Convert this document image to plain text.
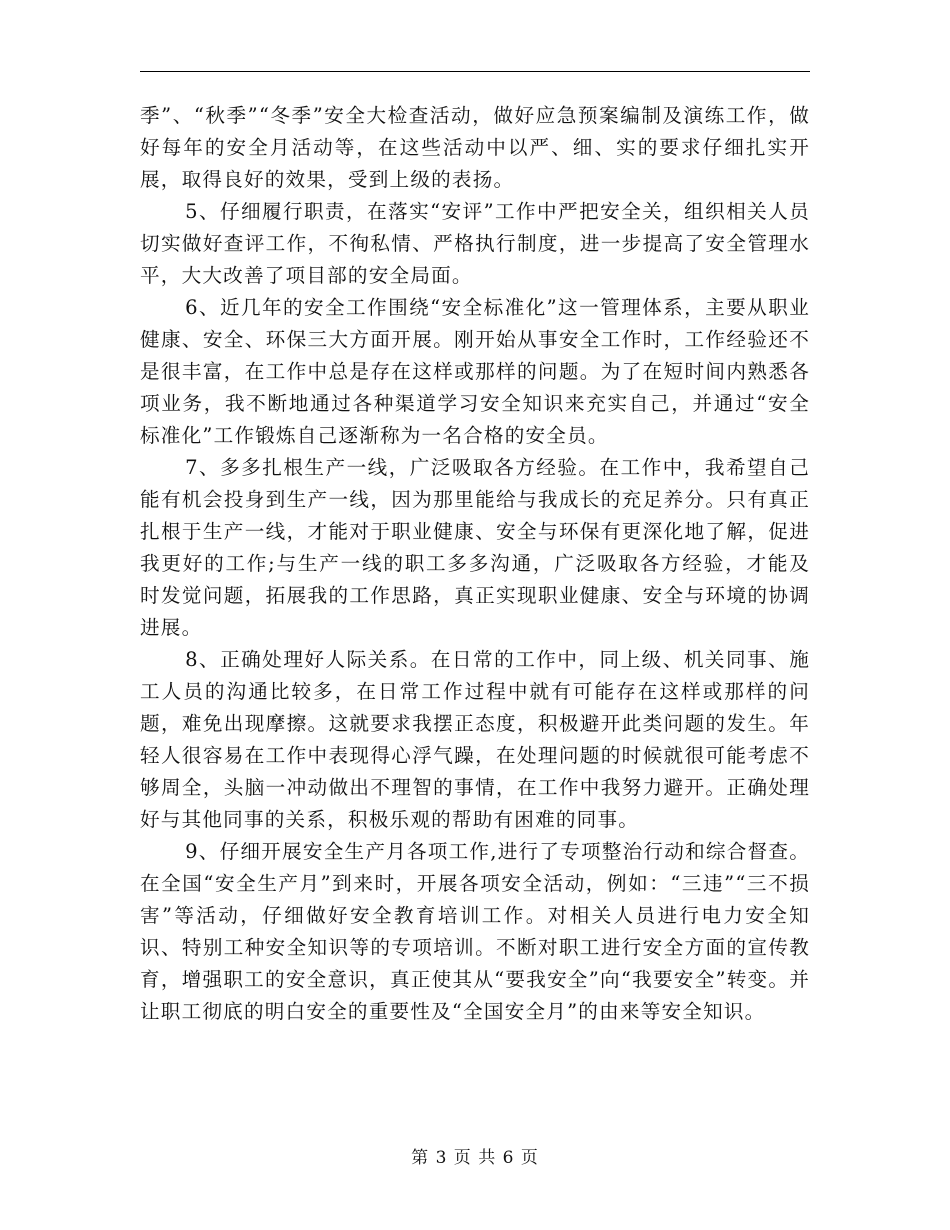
季”、“秋季”“冬季”安全大检查活动，做好应急预案编制及演练工作，做好每年的安全月活动等，在这些活动中以严、细、实的要求仔细扎实开展，取得良好的效果，受到上级的表扬。

5、仔细履行职责，在落实“安评”工作中严把安全关，组织相关人员切实做好查评工作，不徇私情、严格执行制度，进一步提高了安全管理水平，大大改善了项目部的安全局面。

6、近几年的安全工作围绕“安全标准化”这一管理体系，主要从职业健康、安全、环保三大方面开展。刚开始从事安全工作时，工作经验还不是很丰富，在工作中总是存在这样或那样的问题。为了在短时间内熟悉各项业务，我不断地通过各种渠道学习安全知识来充实自己，并通过“安全标准化”工作锻炼自己逐渐称为一名合格的安全员。

7、多多扎根生产一线，广泛吸取各方经验。在工作中，我希望自己能有机会投身到生产一线，因为那里能给与我成长的充足养分。只有真正扎根于生产一线，才能对于职业健康、安全与环保有更深化地了解，促进我更好的工作;与生产一线的职工多多沟通，广泛吸取各方经验，才能及时发觉问题，拓展我的工作思路，真正实现职业健康、安全与环境的协调进展。

8、正确处理好人际关系。在日常的工作中，同上级、机关同事、施工人员的沟通比较多，在日常工作过程中就有可能存在这样或那样的问题，难免出现摩擦。这就要求我摆正态度，积极避开此类问题的发生。年轻人很容易在工作中表现得心浮气躁，在处理问题的时候就很可能考虑不够周全，头脑一冲动做出不理智的事情，在工作中我努力避开。正确处理好与其他同事的关系，积极乐观的帮助有困难的同事。

9、仔细开展安全生产月各项工作,进行了专项整治行动和综合督查。在全国“安全生产月”到来时，开展各项安全活动，例如：“三违”“三不损害”等活动，仔细做好安全教育培训工作。对相关人员进行电力安全知识、特别工种安全知识等的专项培训。不断对职工进行安全方面的宣传教育，增强职工的安全意识，真正使其从“要我安全”向“我要安全”转变。并让职工彻底的明白安全的重要性及“全国安全月”的由来等安全知识。

第 3 页 共 6 页
